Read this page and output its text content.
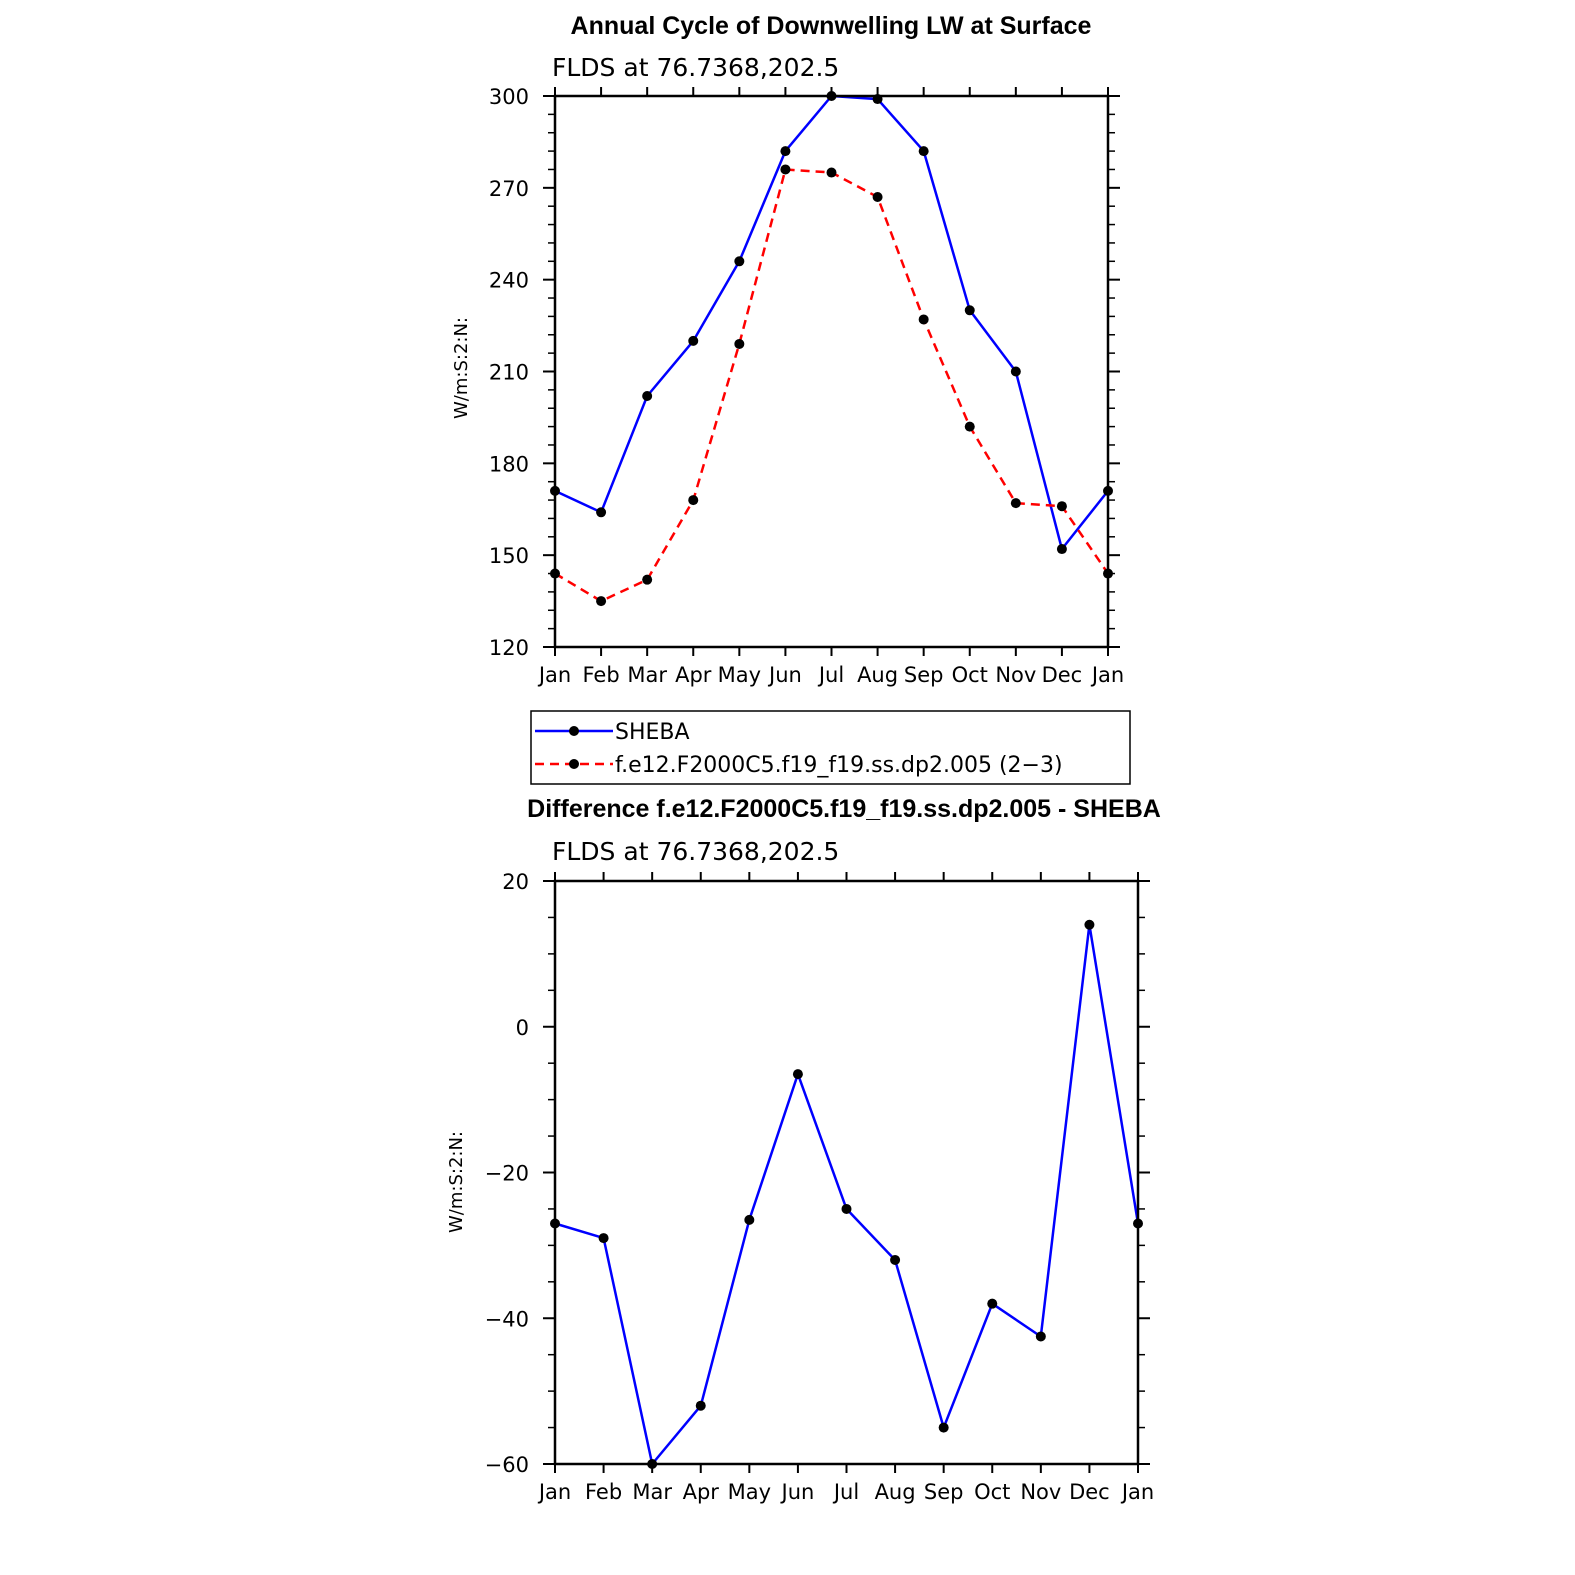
Annual Cycle of Downwelling LW at Surface
FLDS at 76.7368,202.5
W/m:S:2:N:
120
150
180
210
240
270
300
Jan Feb Mar Apr May Jun Jul Aug Sep Oct Nov Dec Jan
SHEBA
f.e12.F2000C5.f19_f19.ss.dp2.005 (2−3)
Difference f.e12.F2000C5.f19_f19.ss.dp2.005 - SHEBA
FLDS at 76.7368,202.5
W/m:S:2:N:
−60
−40
−20
0
20
Jan Feb Mar Apr May Jun Jul Aug Sep Oct Nov Dec Jan
